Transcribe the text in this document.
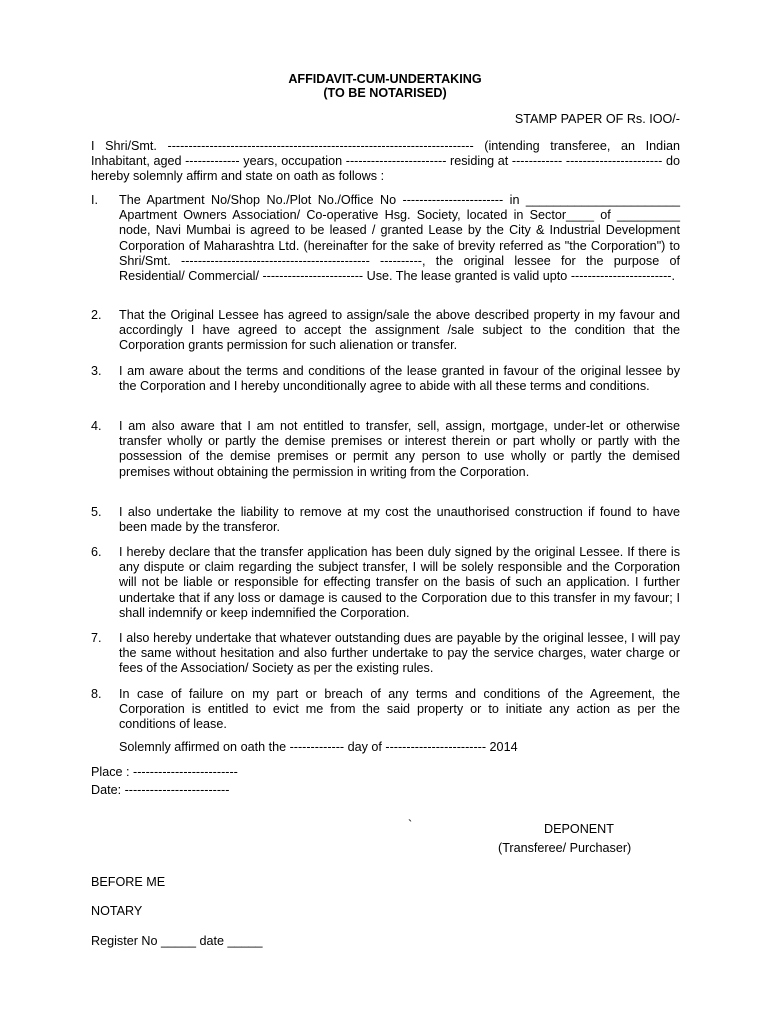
AFFIDAVIT-CUM-UNDERTAKING
(TO BE NOTARISED)
STAMP PAPER OF Rs. IOO/-
I Shri/Smt. ------------------------------------------------------------------------- (intending transferee, an Indian Inhabitant, aged ------------- years, occupation ------------------------ residing at ------------ ----------------------- do hereby solemnly affirm and state on oath as follows :
I. The Apartment No/Shop No./Plot No./Office No ------------------------ in ______________________ Apartment Owners Association/ Co-operative Hsg. Society, located in Sector____ of _________ node, Navi Mumbai is agreed to be leased / granted Lease by the City & Industrial Development Corporation of Maharashtra Ltd. (hereinafter for the sake of brevity referred as "the Corporation") to Shri/Smt. --------------------------------------------- ----------, the original lessee for the purpose of Residential/ Commercial/ ------------------------ Use. The lease granted is valid upto ------------------------.
2. That the Original Lessee has agreed to assign/sale the above described property in my favour and accordingly I have agreed to accept the assignment /sale subject to the condition that the Corporation grants permission for such alienation or transfer.
3. I am aware about the terms and conditions of the lease granted in favour of the original lessee by the Corporation and I hereby unconditionally agree to abide with all these terms and conditions.
4. I am also aware that I am not entitled to transfer, sell, assign, mortgage, under-let or otherwise transfer wholly or partly the demise premises or interest therein or part wholly or partly with the possession of the demise premises or permit any person to use wholly or partly the demised premises without obtaining the permission in writing from the Corporation.
5. I also undertake the liability to remove at my cost the unauthorised construction if found to have been made by the transferor.
6. I hereby declare that the transfer application has been duly signed by the original Lessee. If there is any dispute or claim regarding the subject transfer, I will be solely responsible and the Corporation will not be liable or responsible for effecting transfer on the basis of such an application. I further undertake that if any loss or damage is caused to the Corporation due to this transfer in my favour; I shall indemnify or keep indemnified the Corporation.
7. I also hereby undertake that whatever outstanding dues are payable by the original lessee, I will pay the same without hesitation and also further undertake to pay the service charges, water charge or fees of the Association/ Society as per the existing rules.
8. In case of failure on my part or breach of any terms and conditions of the Agreement, the Corporation is entitled to evict me from the said property or to initiate any action as per the conditions of lease.
Solemnly affirmed on oath the ------------- day of ------------------------ 2014
Place : -------------------------
Date: -------------------------
`	DEPONENT
(Transferee/ Purchaser)
BEFORE ME
NOTARY
Register No _____ date _____
